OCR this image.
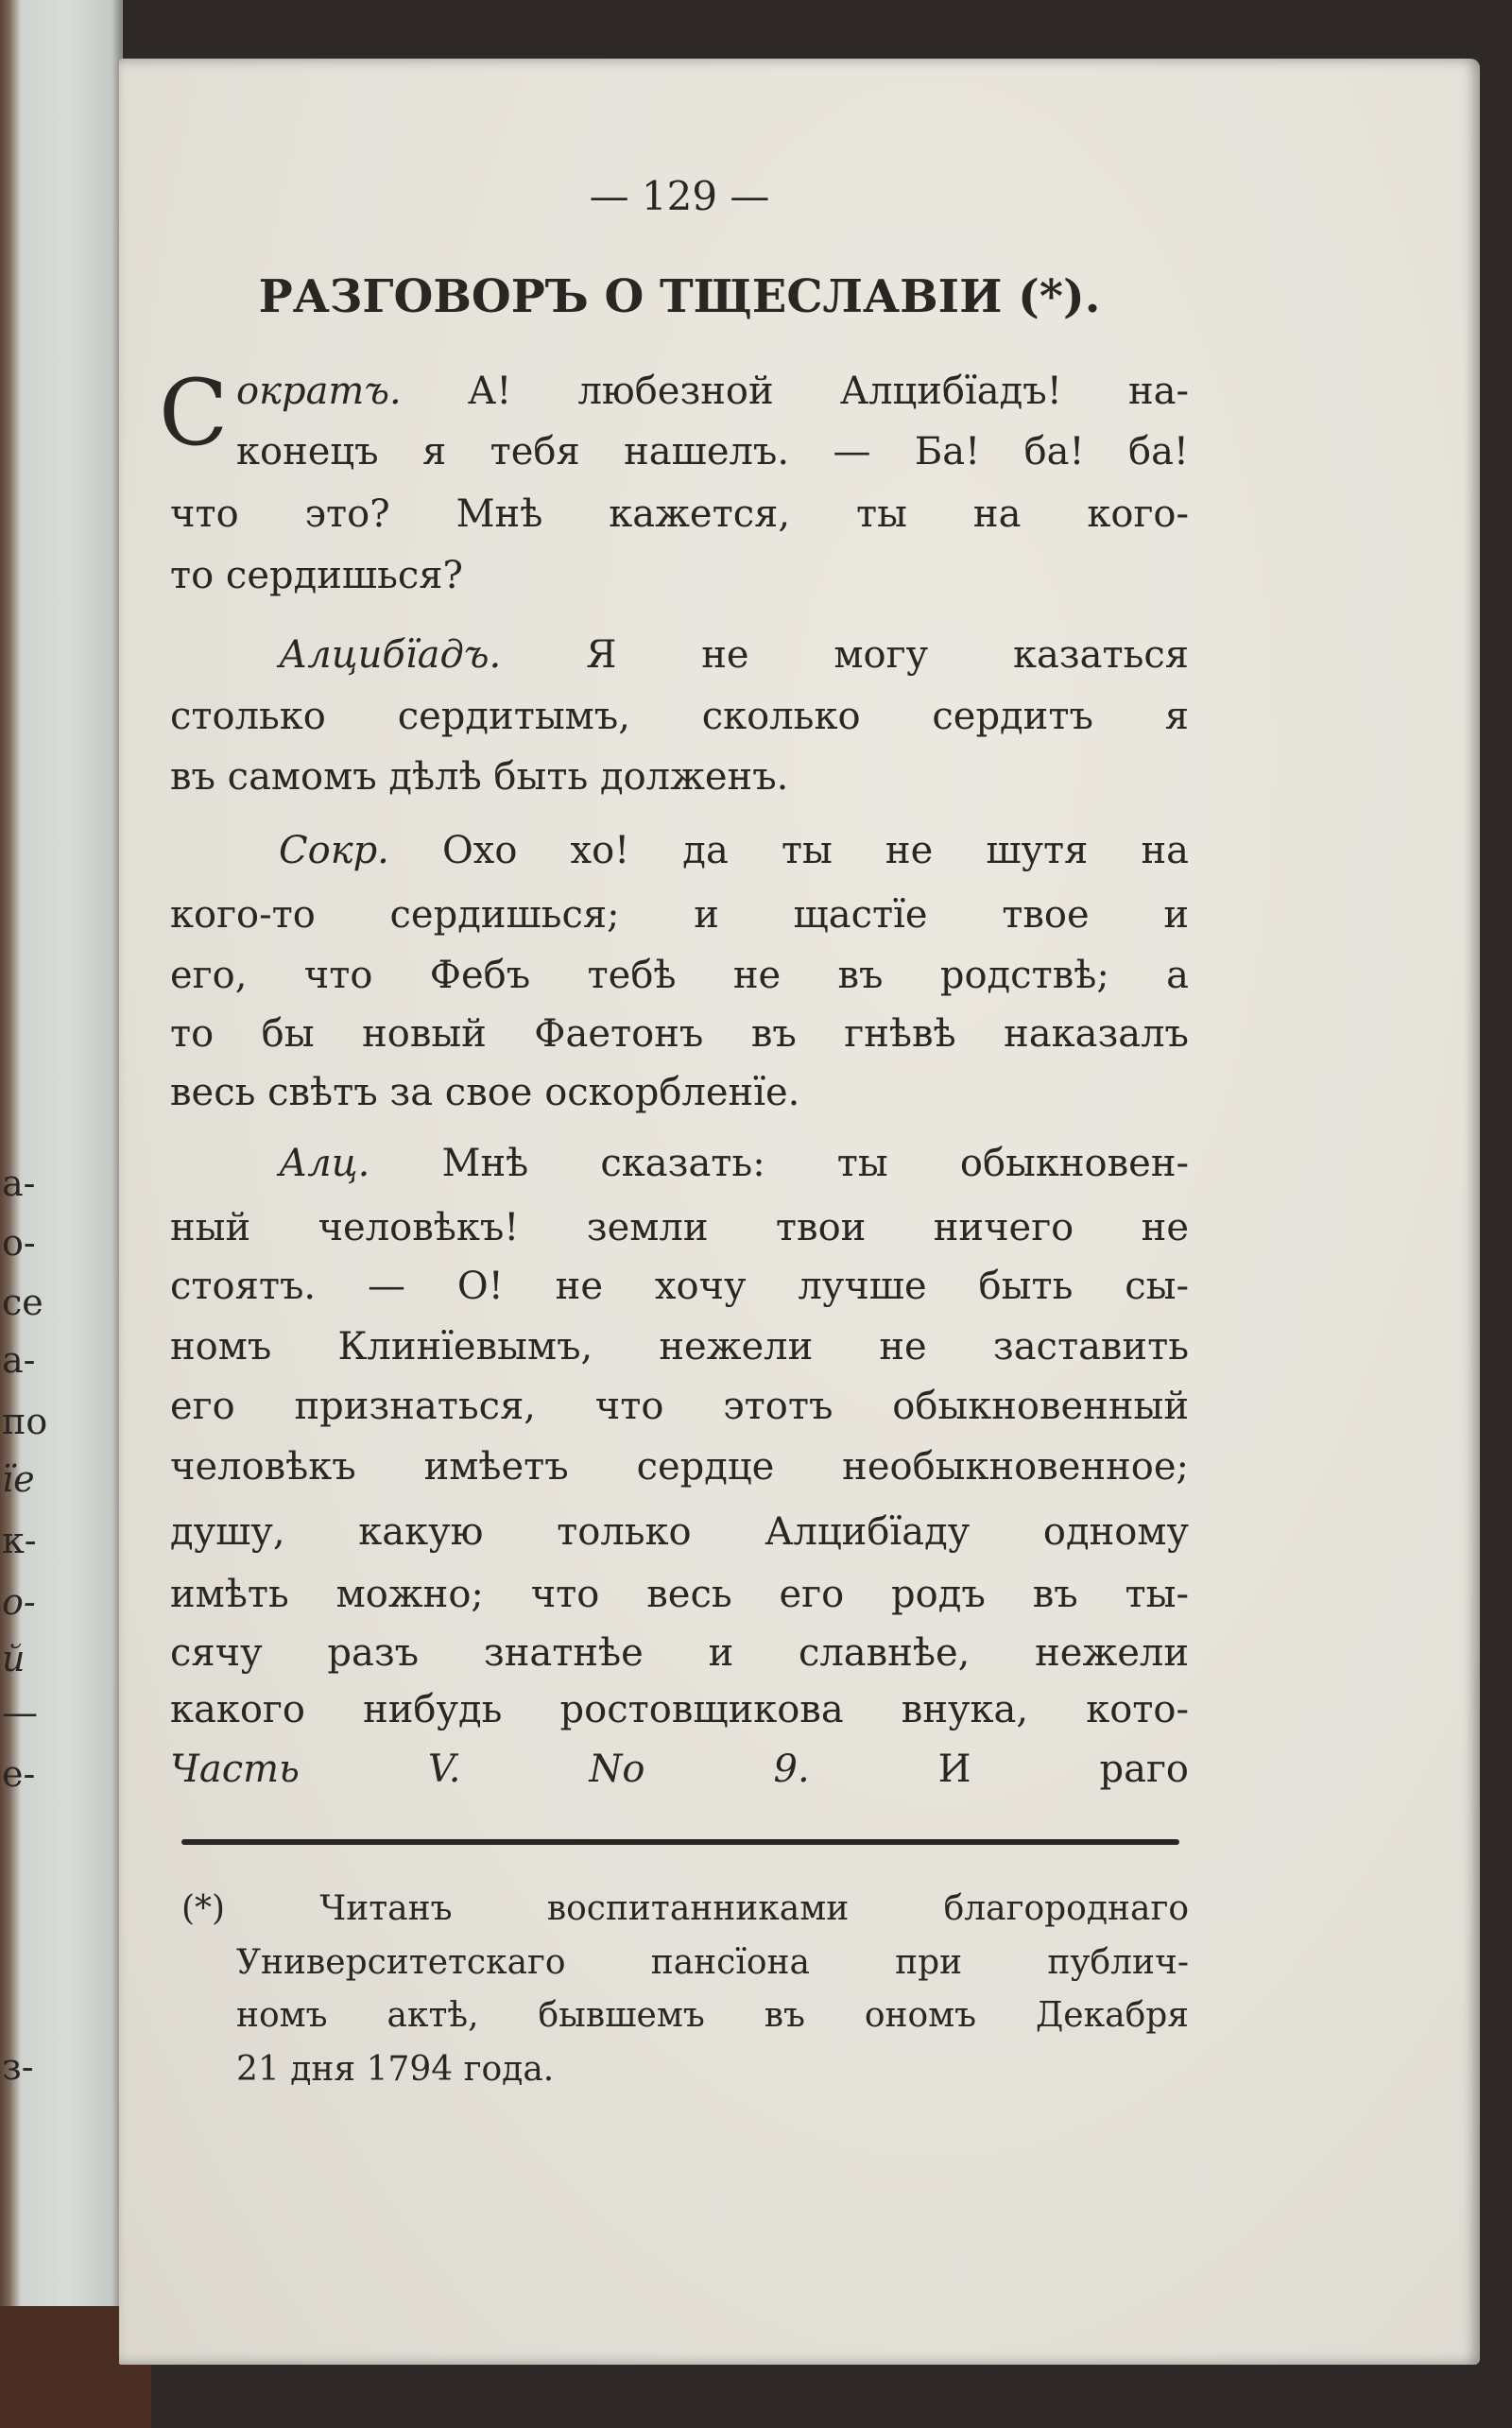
а-
о-
се
а-
по
їе
к-
о-
й
—
е-
з-
— 129 —
РАЗГОВОРЪ О ТЩЕСЛАВІИ (*).
С ократъ. А! любезной Алцибїадъ! на-
конецъ я тебя нашелъ. — Ба! ба! ба!
что это? Мнѣ кажется, ты на кого-
то сердишься?
Алцибїадъ. Я не могу казаться
столько сердитымъ, сколько сердитъ я
въ самомъ дѣлѣ быть долженъ.
Сокр. Охо хо! да ты не шутя на
кого-то сердишься; и щастїе твое и
его, что Фебъ тебѣ не въ родствѣ; а
то бы новый Фаетонъ въ гнѣвѣ наказалъ
весь свѣтъ за свое оскорбленїе.
Алц. Мнѣ сказать: ты обыкновен-
ный человѣкъ! земли твои ничего не
стоятъ. — О! не хочу лучше быть сы-
номъ Клинїевымъ, нежели не заставить
его признаться, что этотъ обыкновенный
человѣкъ имѣетъ сердце необыкновенное;
душу, какую только Алцибїаду одному
имѣть можно; что весь его родъ въ ты-
сячу разъ знатнѣе и славнѣе, нежели
какого нибудь ростовщикова внука, кото-
Часть V. No 9.	И	раго
(*) Читанъ воспитанниками благороднаго
Университетскаго пансїона при публич-
номъ актѣ, бывшемъ въ ономъ Декабря
21 дня 1794 года.
